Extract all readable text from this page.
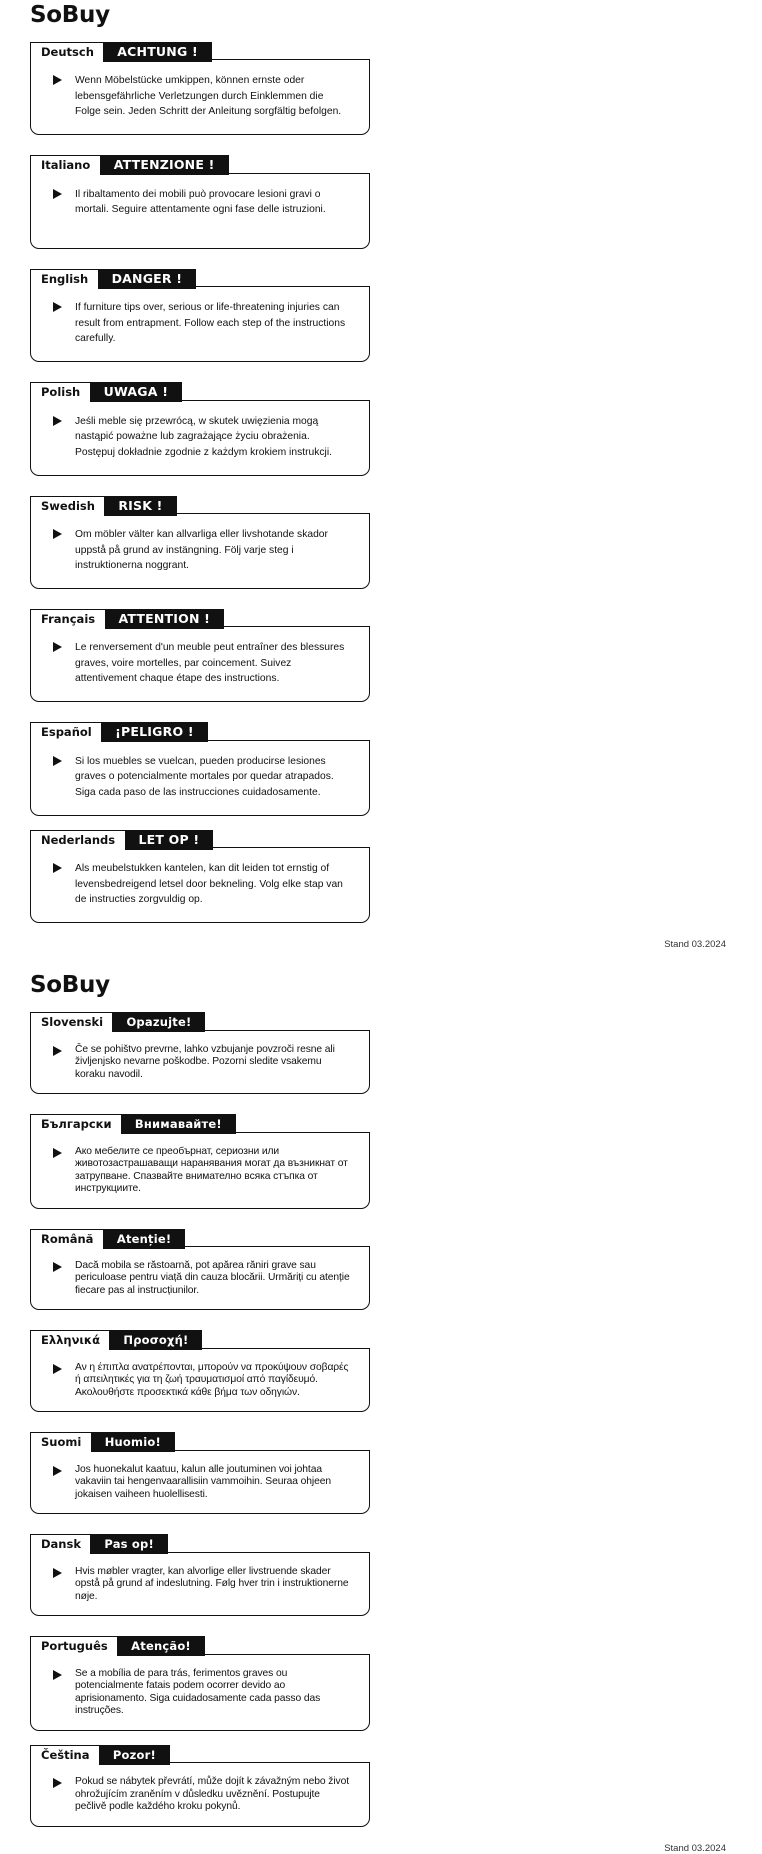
SoBuy
Deutsch	ACHTUNG !
Wenn Möbelstücke umkippen, können ernste oder lebensgefährliche Verletzungen durch Einklemmen die Folge sein. Jeden Schritt der Anleitung sorgfältig befolgen.
Italiano	ATTENZIONE !
Il ribaltamento dei mobili può provocare lesioni gravi o mortali. Seguire attentamente ogni fase delle istruzioni.
English	DANGER !
If furniture tips over, serious or life-threatening injuries can result from entrapment. Follow each step of the instructions carefully.
Polish	UWAGA !
Jeśli meble się przewrócą, w skutek uwięzienia mogą nastąpić poważne lub zagrażające życiu obrażenia. Postępuj dokładnie zgodnie z każdym krokiem instrukcji.
Swedish	RISK !
Om möbler välter kan allvarliga eller livshotande skador uppstå på grund av instängning. Följ varje steg i instruktionerna noggrant.
Français	ATTENTION !
Le renversement d'un meuble peut entraîner des blessures graves, voire mortelles, par coincement. Suivez attentivement chaque étape des instructions.
Español	¡PELIGRO !
Si los muebles se vuelcan, pueden producirse lesiones graves o potencialmente mortales por quedar atrapados. Siga cada paso de las instrucciones cuidadosamente.
Nederlands	LET OP !
Als meubelstukken kantelen, kan dit leiden tot ernstig of levensbedreigend letsel door bekneling. Volg elke stap van de instructies zorgvuldig op.
Stand 03.2024
SoBuy
Slovenski	Opazujte!
Če se pohištvo prevrne, lahko vzbujanje povzroči resne ali življenjsko nevarne poškodbe. Pozorni sledite vsakemu koraku navodil.
Български	Внимавайте!
Ако мебелите се преобърнат, сериозни или животозастрашаващи наранявания могат да възникнат от затрупване. Спазвайте внимателно всяка стъпка от инструкциите.
Română	Atenție!
Dacă mobila se răstoarnă, pot apărea răniri grave sau periculoase pentru viață din cauza blocării. Urmăriți cu atenție fiecare pas al instrucțiunilor.
Ελληνικά	Προσοχή!
Αν η έπιπλα ανατρέπονται, μπορούν να προκύψουν σοβαρές ή απειλητικές για τη ζωή τραυματισμοί από παγίδευμό. Ακολουθήστε προσεκτικά κάθε βήμα των οδηγιών.
Suomi	Huomio!
Jos huonekalut kaatuu, kalun alle joutuminen voi johtaa vakaviin tai hengenvaarallisiin vammoihin. Seuraa ohjeen jokaisen vaiheen huolellisesti.
Dansk	Pas op!
Hvis møbler vragter, kan alvorlige eller livstruende skader opstå på grund af indeslutning. Følg hver trin i instruktionerne nøje.
Português	Atenção!
Se a mobília de para trás, ferimentos graves ou potencialmente fatais podem ocorrer devido ao aprisionamento. Siga cuidadosamente cada passo das instruções.
Čeština	Pozor!
Pokud se nábytek převrátí, může dojít k závažným nebo život ohrožujícím zraněním v důsledku uvěznění. Postupujte pečlivě podle každého kroku pokynů.
Stand 03.2024
